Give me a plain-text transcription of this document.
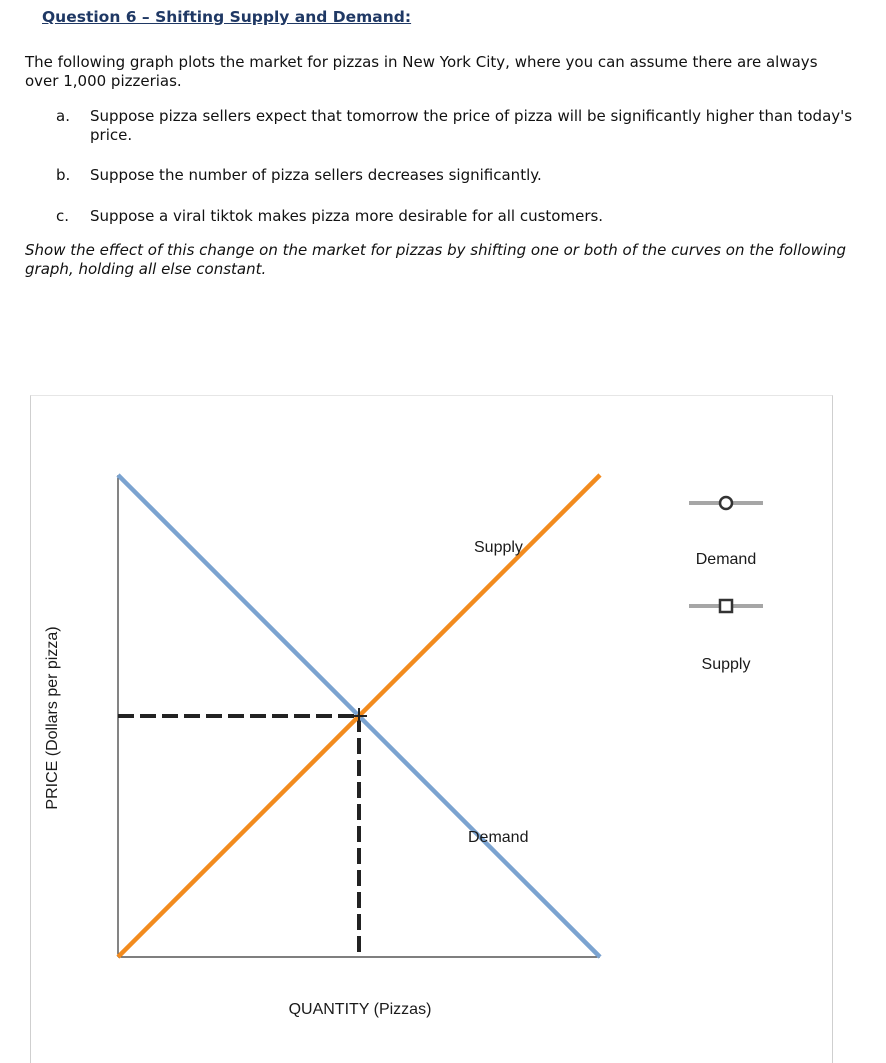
Question 6 – Shifting Supply and Demand:

The following graph plots the market for pizzas in New York City, where you can assume there are always over 1,000 pizzerias.

a.	Suppose pizza sellers expect that tomorrow the price of pizza will be significantly higher than today's price.
b.	Suppose the number of pizza sellers decreases significantly.
c.	Suppose a viral tiktok makes pizza more desirable for all customers.

Show the effect of this change on the market for pizzas by shifting one or both of the curves on the following graph, holding all else constant.

Supply
Demand
QUANTITY (Pizzas)
PRICE (Dollars per pizza)
Demand
Supply
